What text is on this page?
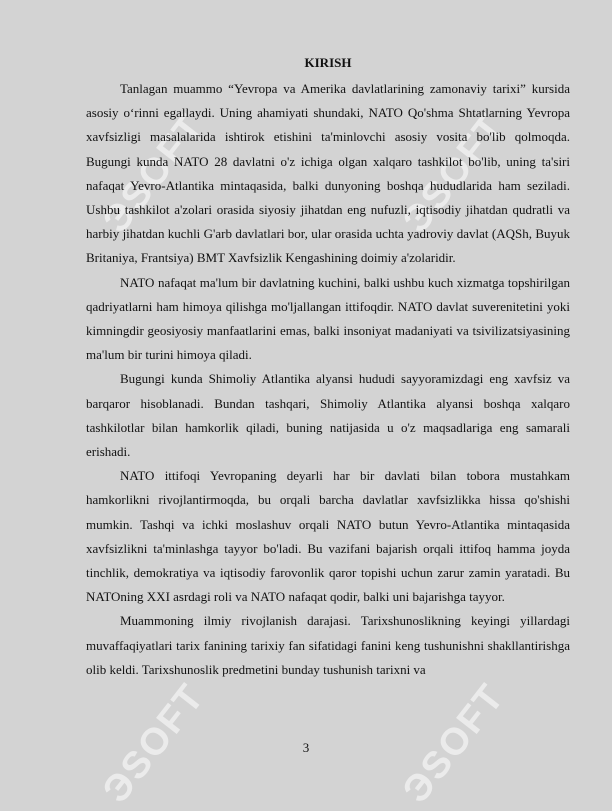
ЭSOFT	ЭSOFT
ЭSOFT	ЭSOFT
KIRISH

Tanlagan muammo “Yevropa va Amerika davlatlarining zamonaviy tarixi” kursida asosiy o‘rinni egallaydi. Uning ahamiyati shundaki, NATO Qo'shma Shtatlarning Yevropa xavfsizligi masalalarida ishtirok etishini ta'minlovchi asosiy vosita bo'lib qolmoqda. Bugungi kunda NATO 28 davlatni o'z ichiga olgan xalqaro tashkilot bo'lib, uning ta'siri nafaqat Yevro-Atlantika mintaqasida, balki dunyoning boshqa hududlarida ham seziladi. Ushbu tashkilot a'zolari orasida siyosiy jihatdan eng nufuzli, iqtisodiy jihatdan qudratli va harbiy jihatdan kuchli G'arb davlatlari bor, ular orasida uchta yadroviy davlat (AQSh, Buyuk Britaniya, Frantsiya) BMT Xavfsizlik Kengashining doimiy a'zolaridir.

NATO nafaqat ma'lum bir davlatning kuchini, balki ushbu kuch xizmatga topshirilgan qadriyatlarni ham himoya qilishga mo'ljallangan ittifoqdir. NATO davlat suverenitetini yoki kimningdir geosiyosiy manfaatlarini emas, balki insoniyat madaniyati va tsivilizatsiyasining ma'lum bir turini himoya qiladi.

Bugungi kunda Shimoliy Atlantika alyansi hududi sayyoramizdagi eng xavfsiz va barqaror hisoblanadi. Bundan tashqari, Shimoliy Atlantika alyansi boshqa xalqaro tashkilotlar bilan hamkorlik qiladi, buning natijasida u o'z maqsadlariga eng samarali erishadi.

NATO ittifoqi Yevropaning deyarli har bir davlati bilan tobora mustahkam hamkorlikni rivojlantirmoqda, bu orqali barcha davlatlar xavfsizlikka hissa qo'shishi mumkin. Tashqi va ichki moslashuv orqali NATO butun Yevro-Atlantika mintaqasida xavfsizlikni ta'minlashga tayyor bo'ladi. Bu vazifani bajarish orqali ittifoq hamma joyda tinchlik, demokratiya va iqtisodiy farovonlik qaror topishi uchun zarur zamin yaratadi. Bu NATOning XXI asrdagi roli va NATO nafaqat qodir, balki uni bajarishga tayyor.

Muammoning ilmiy rivojlanish darajasi. Tarixshunoslikning keyingi yillardagi muvaffaqiyatlari tarix fanining tarixiy fan sifatidagi fanini keng tushunishni shakllantirishga olib keldi. Tarixshunoslik predmetini bunday tushunish tarixni va

3
